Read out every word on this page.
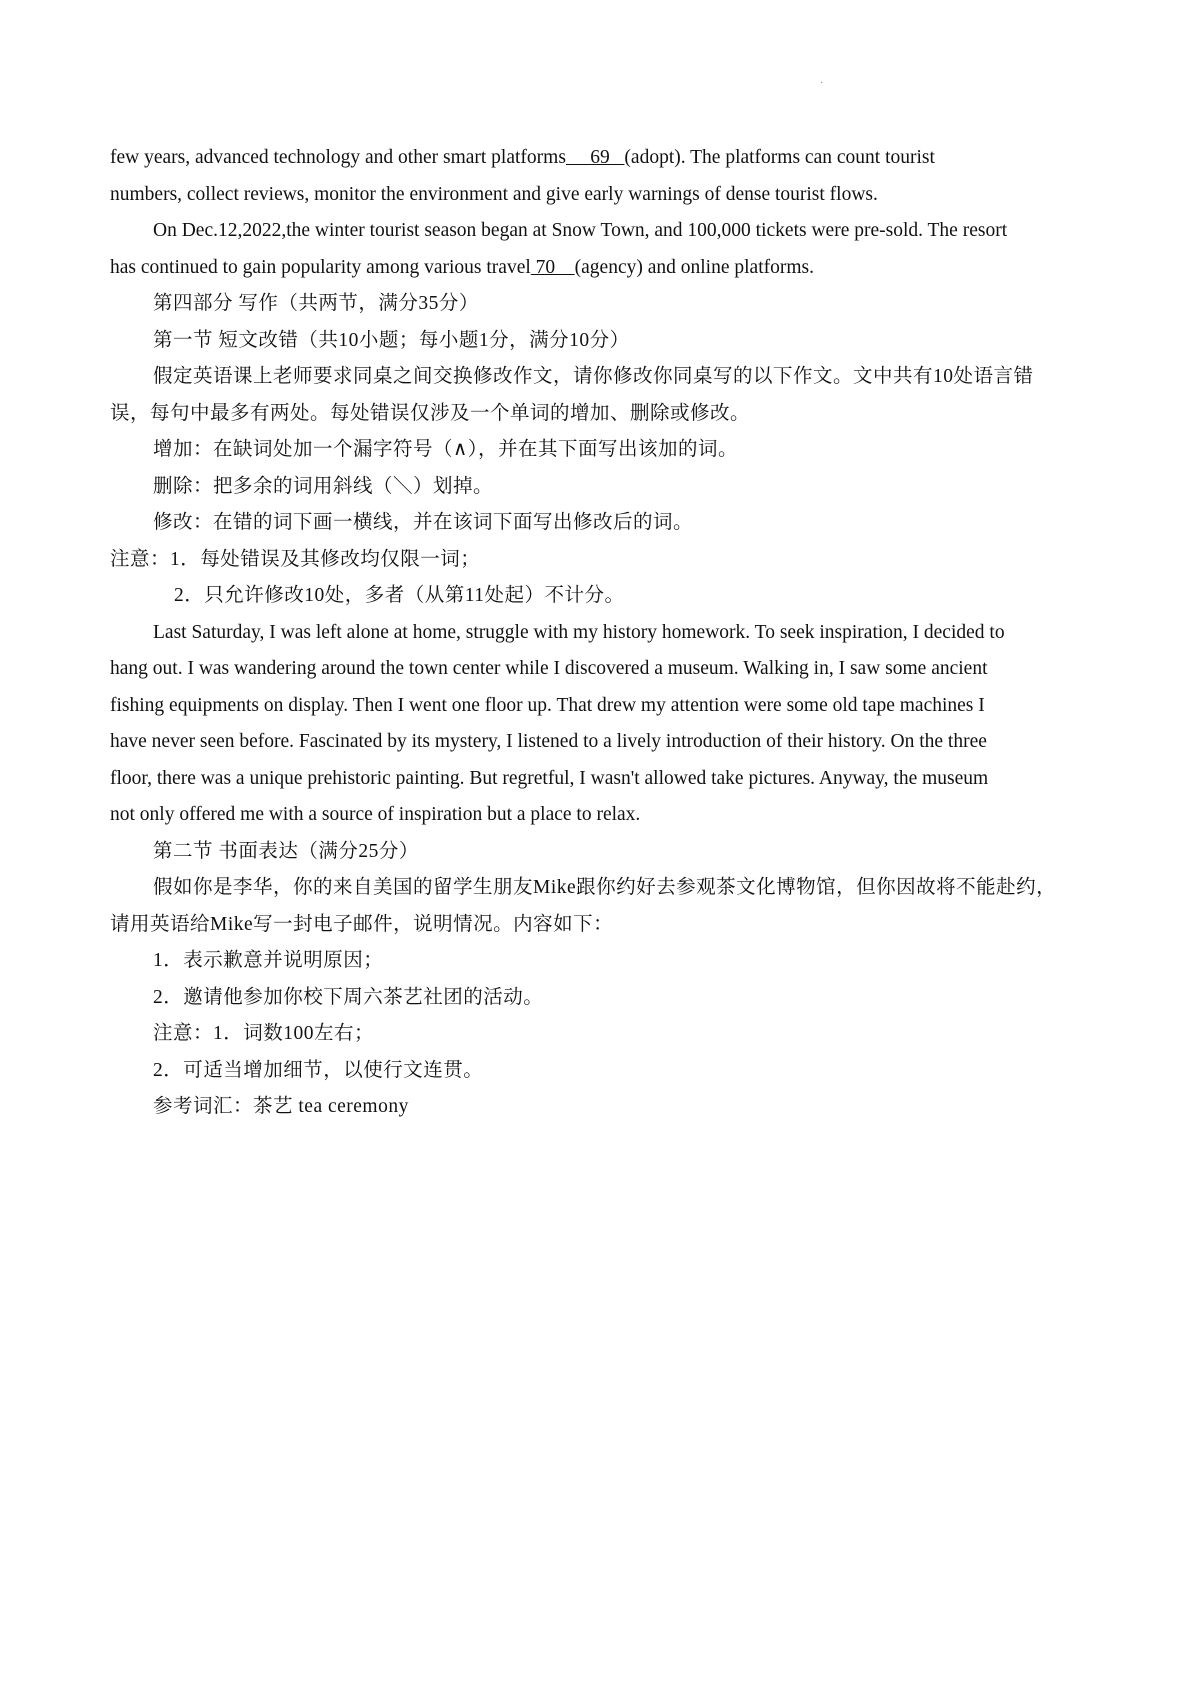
·

few years, advanced technology and other smart platforms     69   (adopt). The platforms can count tourist

numbers, collect reviews, monitor the environment and give early warnings of dense tourist flows.

On Dec.12,2022,the winter tourist season began at Snow Town, and 100,000 tickets were pre-sold. The resort

has continued to gain popularity among various travel 70    (agency) and online platforms.

第四部分 写作（共两节，满分35分）

第一节 短文改错（共10小题；每小题1分，满分10分）

假定英语课上老师要求同桌之间交换修改作文，请你修改你同桌写的以下作文。文中共有10处语言错

误，每句中最多有两处。每处错误仅涉及一个单词的增加、删除或修改。

增加：在缺词处加一个漏字符号（∧），并在其下面写出该加的词。

删除：把多余的词用斜线（＼）划掉。

修改：在错的词下画一横线，并在该词下面写出修改后的词。

注意：1．每处错误及其修改均仅限一词；

2．只允许修改10处，多者（从第11处起）不计分。

Last Saturday, I was left alone at home, struggle with my history homework. To seek inspiration, I decided to

hang out. I was wandering around the town center while I discovered a museum. Walking in, I saw some ancient

fishing equipments on display. Then I went one floor up. That drew my attention were some old tape machines I

have never seen before. Fascinated by its mystery, I listened to a lively introduction of their history. On the three

floor, there was a unique prehistoric painting. But regretful, I wasn't allowed take pictures. Anyway, the museum

not only offered me with a source of inspiration but a place to relax.

第二节 书面表达（满分25分）

假如你是李华，你的来自美国的留学生朋友Mike跟你约好去参观茶文化博物馆，但你因故将不能赴约，

请用英语给Mike写一封电子邮件，说明情况。内容如下：

1．表示歉意并说明原因；

2．邀请他参加你校下周六茶艺社团的活动。

注意：1．词数100左右；

2．可适当增加细节，以使行文连贯。

参考词汇：茶艺 tea ceremony
